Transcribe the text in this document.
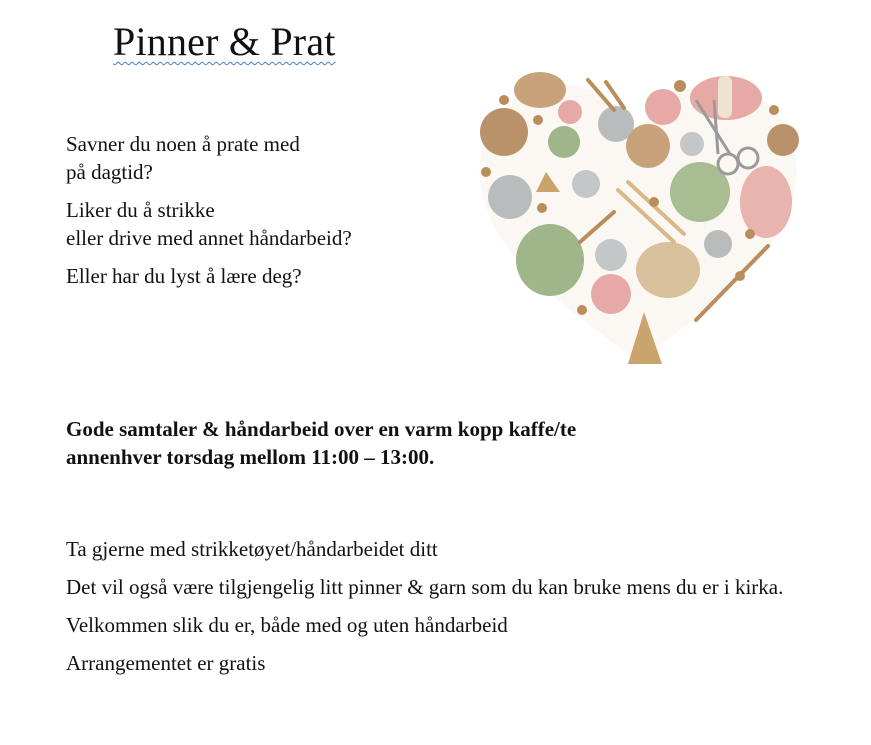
Pinner & Prat

Savner du noen å prate med
på dagtid?

Liker du å strikke
eller drive med annet håndarbeid?

Eller har du lyst å lære deg?

Gode samtaler & håndarbeid over en varm kopp kaffe/te

annenhver torsdag mellom 11:00 – 13:00.

Ta gjerne med strikketøyet/håndarbeidet ditt

Det vil også være tilgjengelig litt pinner & garn som du kan bruke mens du er i kirka.

Velkommen slik du er, både med og uten håndarbeid

Arrangementet er gratis
